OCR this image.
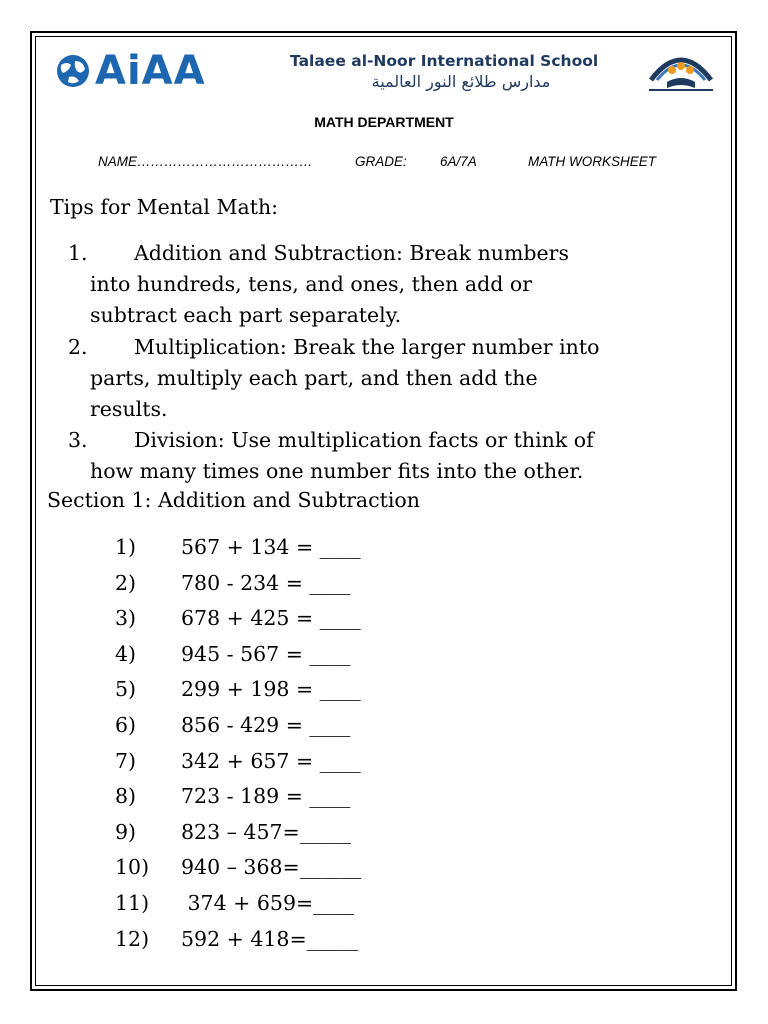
AiAA	Talaee al-Noor International School
مدارس طلائع النور العالمية
MATH DEPARTMENT
NAME…………………………………	GRADE: 6A/7A	MATH WORKSHEET
Tips for Mental Math:
1. Addition and Subtraction: Break numbers
into hundreds, tens, and ones, then add or
subtract each part separately.
2. Multiplication: Break the larger number into
parts, multiply each part, and then add the
results.
3. Division: Use multiplication facts or think of
how many times one number fits into the other.
Section 1: Addition and Subtraction
1)	567 + 134 = ____
2)	780 - 234 = ____
3)	678 + 425 = ____
4)	945 - 567 = ____
5)	299 + 198 = ____
6)	856 - 429 = ____
7)	342 + 657 = ____
8)	723 - 189 = ____
9)	823 – 457=_____
10)	940 – 368=______
11)	374 + 659=____
12)	592 + 418=_____
